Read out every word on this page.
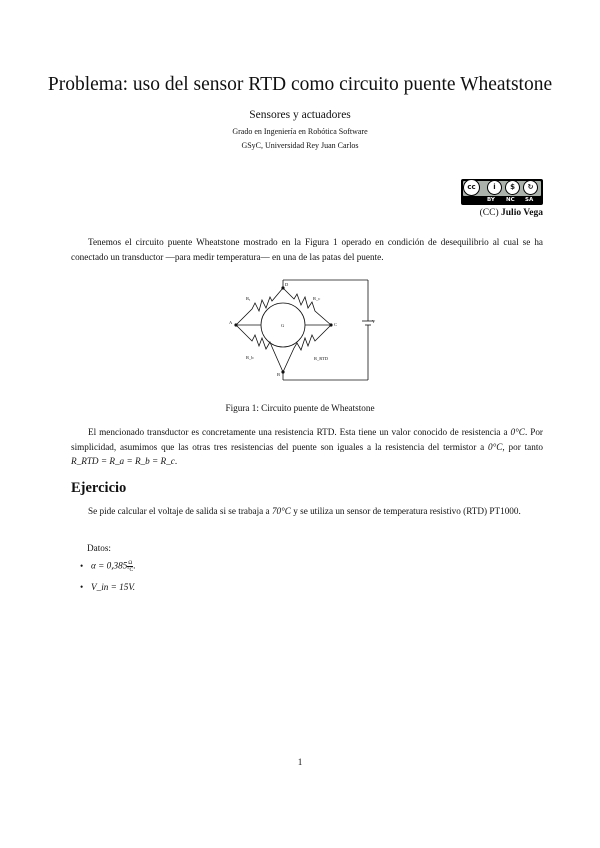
Problema: uso del sensor RTD como circuito puente Wheatstone
Sensores y actuadores
Grado en Ingeniería en Robótica Software
GSyC, Universidad Rey Juan Carlos
cc	i	$	↻
BY NC SA
(CC) Julio Vega
Tenemos el circuito puente Wheatstone mostrado en la Figura 1 operado en condición de desequilibrio al cual se ha conectado un transductor —para medir temperatura— en una de las patas del puente.
Rₐ	R_c
R_b	R_RTD
G
A	C
D
B
V
Figura 1: Circuito puente de Wheatstone
El mencionado transductor es concretamente una resistencia RTD. Esta tiene un valor conocido de resistencia a 0°C. Por simplicidad, asumimos que las otras tres resistencias del puente son iguales a la resistencia del termistor a 0°C, por tanto R_RTD = R_a = R_b = R_c.
Ejercicio
Se pide calcular el voltaje de salida si se trabaja a 70°C y se utiliza un sensor de temperatura resistivo (RTD) PT1000.
Datos:
• $\alpha = 0,385 \frac{\Omega}{^\circ C}$ .
• V_in = 15V.
1
